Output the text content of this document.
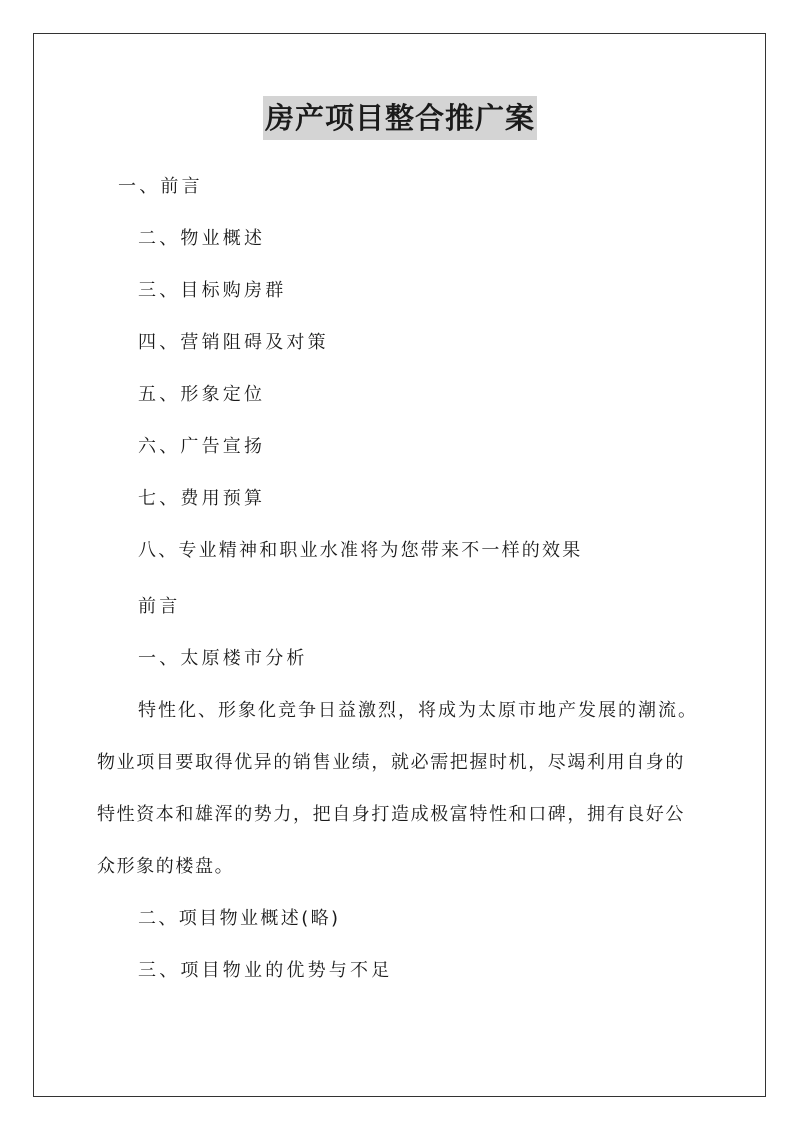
房产项目整合推广案
一、前言
二、物业概述
三、目标购房群
四、营销阻碍及对策
五、形象定位
六、广告宣扬
七、费用预算
八、专业精神和职业水准将为您带来不一样的效果
前言
一、太原楼市分析
特性化、形象化竞争日益激烈，将成为太原市地产发展的潮流。
物业项目要取得优异的销售业绩，就必需把握时机，尽竭利用自身的
特性资本和雄浑的势力，把自身打造成极富特性和口碑，拥有良好公
众形象的楼盘。
二、项目物业概述(略)
三、项目物业的优势与不足
